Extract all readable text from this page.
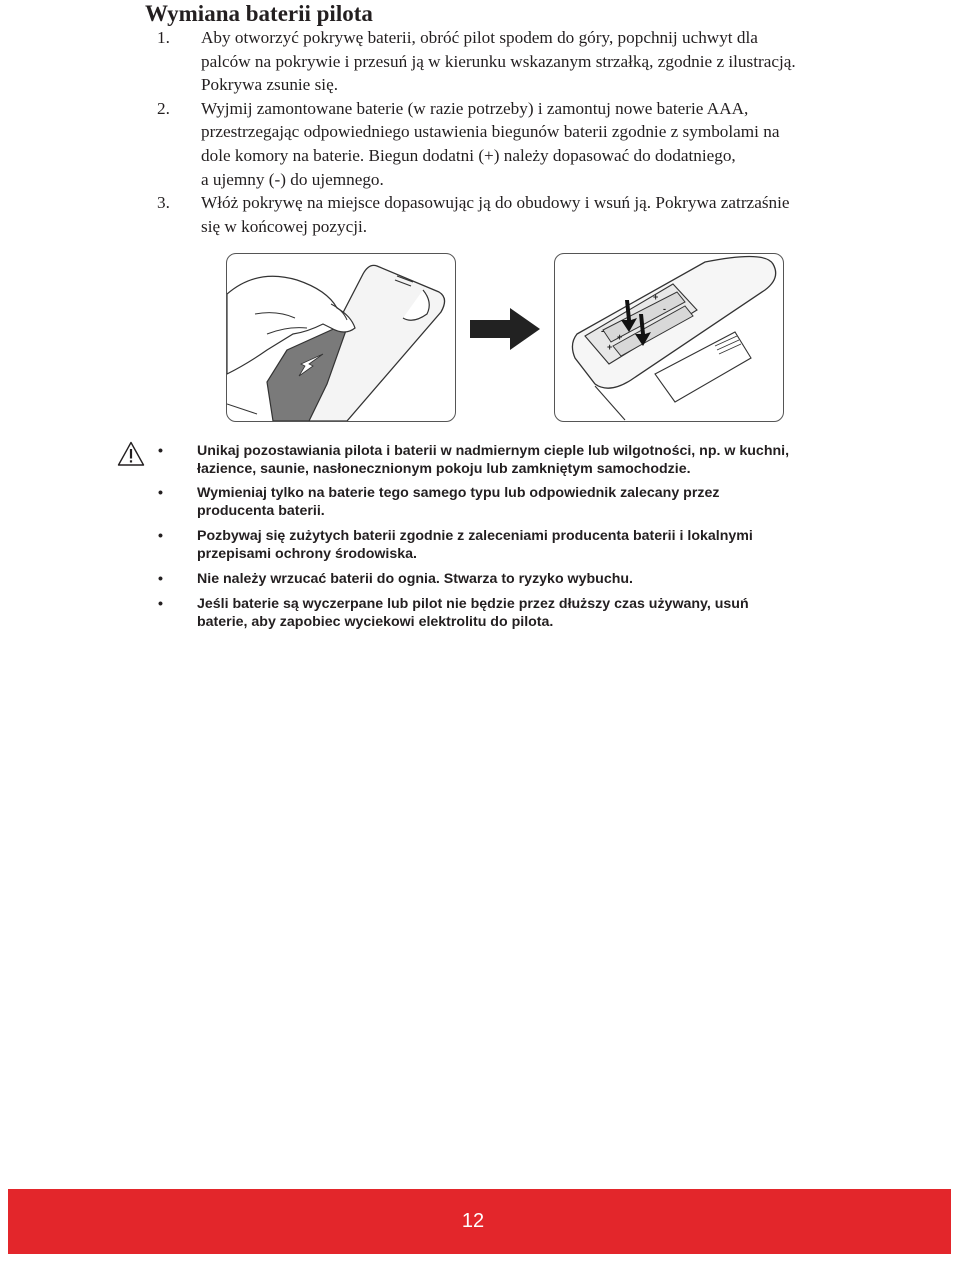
Wymiana baterii pilota
1. Aby otworzyć pokrywę baterii, obróć pilot spodem do góry, popchnij uchwyt dla
palców na pokrywie i przesuń ją w kierunku wskazanym strzałką, zgodnie z ilustracją.
Pokrywa zsunie się.
2. Wyjmij zamontowane baterie (w razie potrzeby) i zamontuj nowe baterie AAA,
przestrzegając odpowiedniego ustawienia biegunów baterii zgodnie z symbolami na
dole komory na baterie. Biegun dodatni (+) należy dopasować do dodatniego,
a ujemny (-) do ujemnego.
3. Włóż pokrywę na miejsce dopasowując ją do obudowy i wsuń ją. Pokrywa zatrzaśnie
się w końcowej pozycji.
+
-
+
+
-
• Unikaj pozostawiania pilota i baterii w nadmiernym cieple lub wilgotności, np. w kuchni,
łazience, saunie, nasłonecznionym pokoju lub zamkniętym samochodzie.
• Wymieniaj tylko na baterie tego samego typu lub odpowiednik zalecany przez
producenta baterii.
• Pozbywaj się zużytych baterii zgodnie z zaleceniami producenta baterii i lokalnymi
przepisami ochrony środowiska.
• Nie należy wrzucać baterii do ognia. Stwarza to ryzyko wybuchu.
• Jeśli baterie są wyczerpane lub pilot nie będzie przez dłuższy czas używany, usuń
baterie, aby zapobiec wyciekowi elektrolitu do pilota.
12
